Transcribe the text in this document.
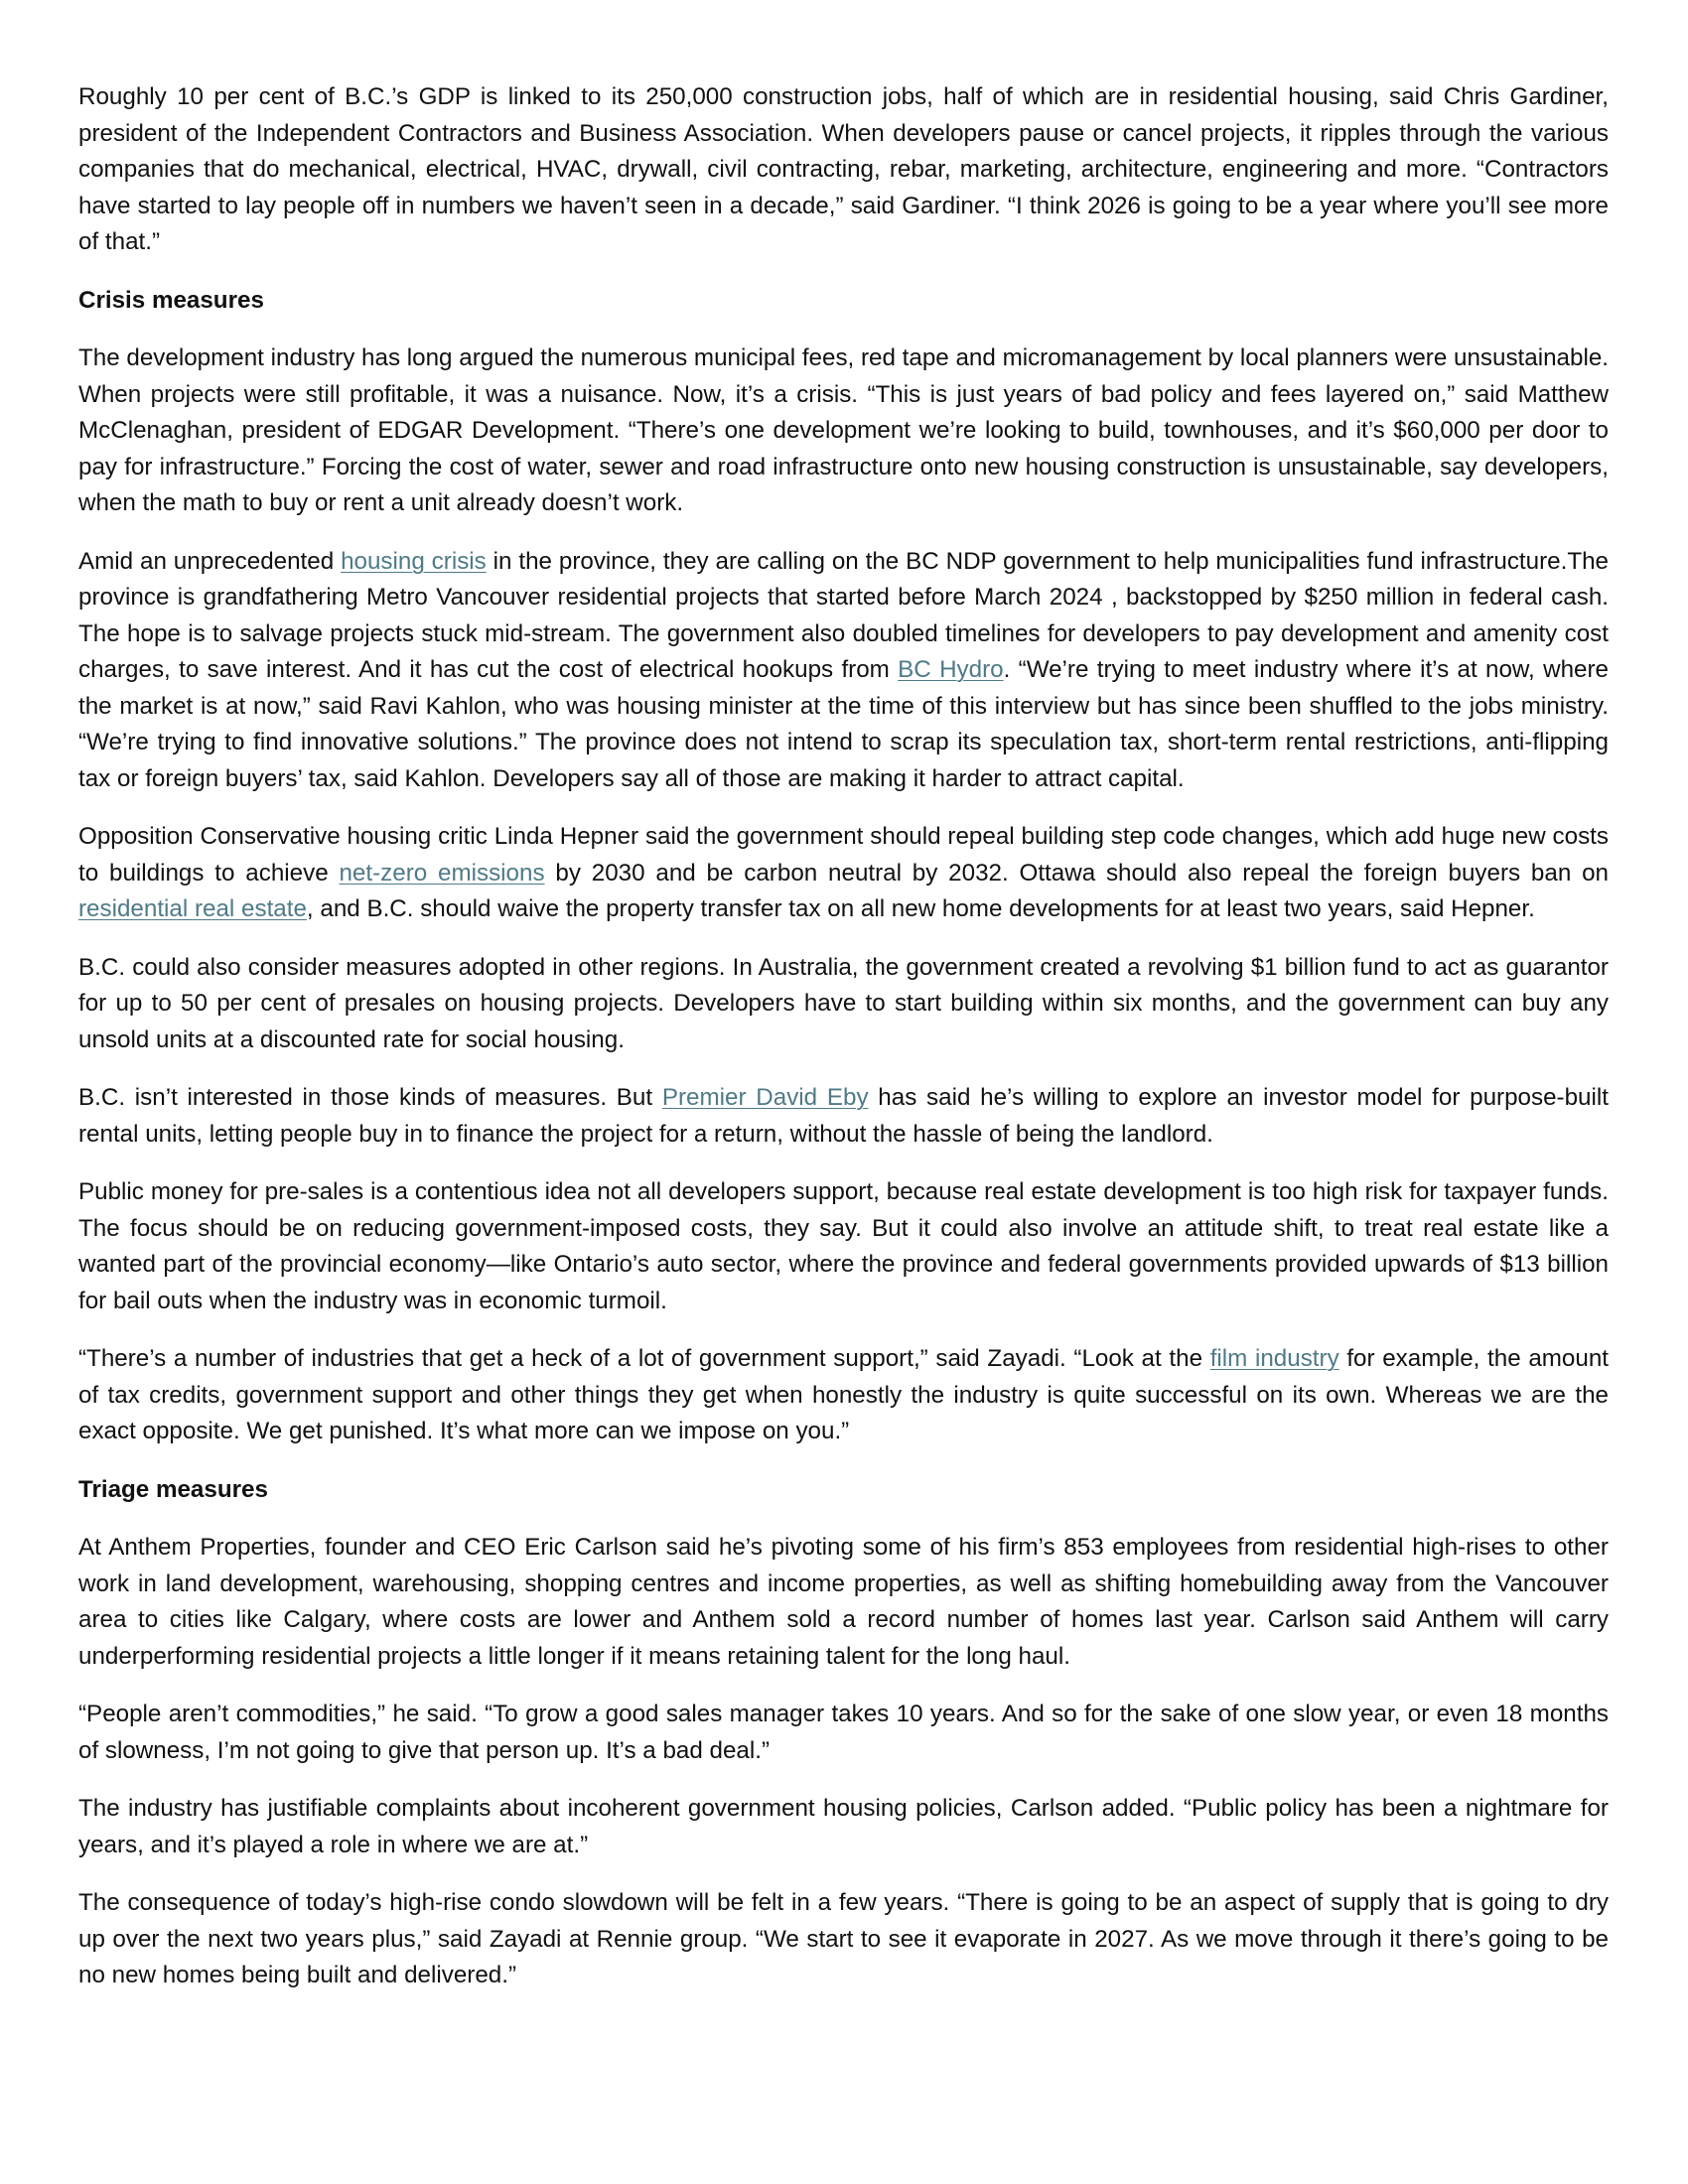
Roughly 10 per cent of B.C.’s GDP is linked to its 250,000 construction jobs, half of which are in residential housing, said Chris Gardiner, president of the Independent Contractors and Business Association. When developers pause or cancel projects, it ripples through the various companies that do mechanical, electrical, HVAC, drywall, civil contracting, rebar, marketing, architecture, engineering and more. “Contractors have started to lay people off in numbers we haven’t seen in a decade,” said Gardiner. “I think 2026 is going to be a year where you’ll see more of that.”

Crisis measures

The development industry has long argued the numerous municipal fees, red tape and micromanagement by local planners were unsustainable. When projects were still profitable, it was a nuisance. Now, it’s a crisis. “This is just years of bad policy and fees layered on,” said Matthew McClenaghan, president of EDGAR Development. “There’s one development we’re looking to build, townhouses, and it’s $60,000 per door to pay for infrastructure.” Forcing the cost of water, sewer and road infrastructure onto new housing construction is unsustainable, say developers, when the math to buy or rent a unit already doesn’t work.

Amid an unprecedented housing crisis in the province, they are calling on the BC NDP government to help municipalities fund infrastructure.The province is grandfathering Metro Vancouver residential projects that started before March 2024 , backstopped by $250 million in federal cash. The hope is to salvage projects stuck mid-stream. The government also doubled timelines for developers to pay development and amenity cost charges, to save interest. And it has cut the cost of electrical hookups from BC Hydro. “We’re trying to meet industry where it’s at now, where the market is at now,” said Ravi Kahlon, who was housing minister at the time of this interview but has since been shuffled to the jobs ministry. “We’re trying to find innovative solutions.” The province does not intend to scrap its speculation tax, short-term rental restrictions, anti-flipping tax or foreign buyers’ tax, said Kahlon. Developers say all of those are making it harder to attract capital.

Opposition Conservative housing critic Linda Hepner said the government should repeal building step code changes, which add huge new costs to buildings to achieve net-zero emissions by 2030 and be carbon neutral by 2032. Ottawa should also repeal the foreign buyers ban on residential real estate, and B.C. should waive the property transfer tax on all new home developments for at least two years, said Hepner.

B.C. could also consider measures adopted in other regions. In Australia, the government created a revolving $1 billion fund to act as guarantor for up to 50 per cent of presales on housing projects. Developers have to start building within six months, and the government can buy any unsold units at a discounted rate for social housing.

B.C. isn’t interested in those kinds of measures. But Premier David Eby has said he’s willing to explore an investor model for purpose-built rental units, letting people buy in to finance the project for a return, without the hassle of being the landlord.

Public money for pre-sales is a contentious idea not all developers support, because real estate development is too high risk for taxpayer funds. The focus should be on reducing government-imposed costs, they say. But it could also involve an attitude shift, to treat real estate like a wanted part of the provincial economy—like Ontario’s auto sector, where the province and federal governments provided upwards of $13 billion for bail outs when the industry was in economic turmoil.

“There’s a number of industries that get a heck of a lot of government support,” said Zayadi. “Look at the film industry for example, the amount of tax credits, government support and other things they get when honestly the industry is quite successful on its own. Whereas we are the exact opposite. We get punished. It’s what more can we impose on you.”

Triage measures

At Anthem Properties, founder and CEO Eric Carlson said he’s pivoting some of his firm’s 853 employees from residential high-rises to other work in land development, warehousing, shopping centres and income properties, as well as shifting homebuilding away from the Vancouver area to cities like Calgary, where costs are lower and Anthem sold a record number of homes last year. Carlson said Anthem will carry underperforming residential projects a little longer if it means retaining talent for the long haul.

“People aren’t commodities,” he said. “To grow a good sales manager takes 10 years. And so for the sake of one slow year, or even 18 months of slowness, I’m not going to give that person up. It’s a bad deal.”

The industry has justifiable complaints about incoherent government housing policies, Carlson added. “Public policy has been a nightmare for years, and it’s played a role in where we are at.”

The consequence of today’s high-rise condo slowdown will be felt in a few years. “There is going to be an aspect of supply that is going to dry up over the next two years plus,” said Zayadi at Rennie group. “We start to see it evaporate in 2027. As we move through it there’s going to be no new homes being built and delivered.”
